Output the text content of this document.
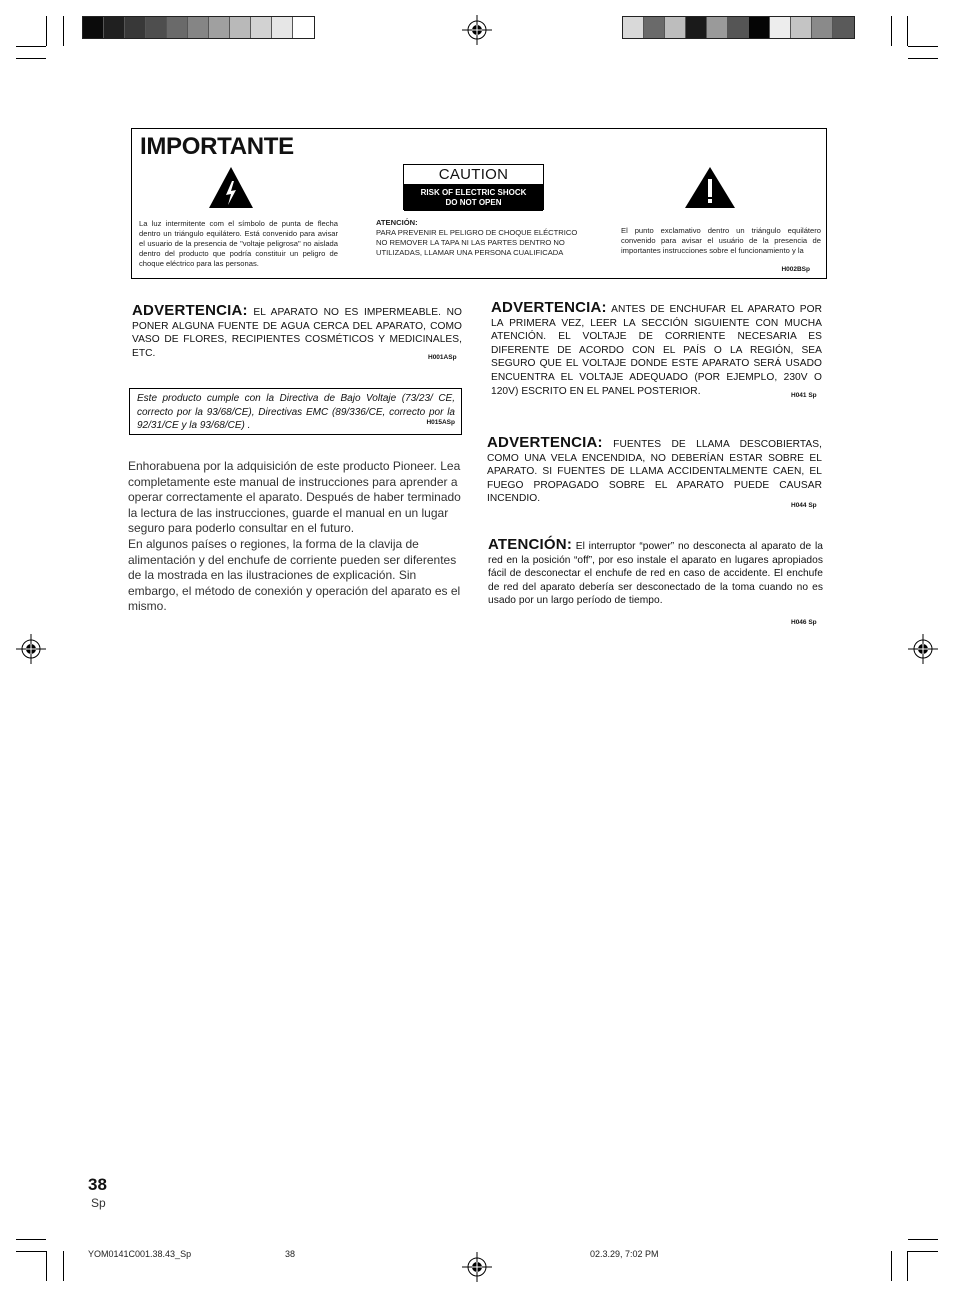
IMPORTANTE
La luz intermitente com el símbolo de punta de flecha dentro un triángulo equilátero. Está convenido para avisar el usuario de la presencia de "voltaje peligrosa" no aislada dentro del producto que podría constituir un peligro de choque eléctrico para las personas.
CAUTION
RISK OF ELECTRIC SHOCK
DO NOT OPEN
ATENCIÓN:
PARA PREVENIR EL PELIGRO DE CHOQUE ELÉCTRICO NO REMOVER LA TAPA NI LAS PARTES DENTRO NO UTILIZADAS, LLAMAR UNA PERSONA CUALIFICADA
El punto exclamativo dentro un triángulo equilátero convenido para avisar el usuário de la presencia de importantes instrucciones sobre el funcionamiento y la
H002BSp
ADVERTENCIA: EL APARATO NO ES IMPERMEABLE. NO PONER ALGUNA FUENTE DE AGUA CERCA DEL APARATO, COMO VASO DE FLORES, RECIPIENTES COSMÉTICOS Y MEDICINALES, ETC.	H001ASp
Este producto cumple con la Directiva de Bajo Voltaje (73/23/ CE, correcto por la 93/68/CE), Directivas EMC (89/336/CE, correcto por la 92/31/CE y la 93/68/CE) .	H015ASp
Enhorabuena por la adquisición de este producto Pioneer. Lea completamente este manual de instrucciones para aprender a operar correctamente el aparato. Después de haber terminado la lectura de las instrucciones, guarde el manual en un lugar seguro para poderlo consultar en el futuro.
En algunos países o regiones, la forma de la clavija de alimentación y del enchufe de corriente pueden ser diferentes de la mostrada en las ilustraciones de explicación. Sin embargo, el método de conexión y operación del aparato es el mismo.
ADVERTENCIA: ANTES DE ENCHUFAR EL APARATO POR LA PRIMERA VEZ, LEER LA SECCIÓN SIGUIENTE CON MUCHA ATENCIÓN. EL VOLTAJE DE CORRIENTE NECESARIA ES DIFERENTE DE ACORDO CON EL PAÍS O LA REGIÓN, SEA SEGURO QUE EL VOLTAJE DONDE ESTE APARATO SERÁ USADO ENCUENTRA EL VOLTAJE ADEQUADO (POR EJEMPLO, 230V O 120V) ESCRITO EN EL PANEL POSTERIOR.	H041 Sp
ADVERTENCIA: FUENTES DE LLAMA DESCOBIERTAS, COMO UNA VELA ENCENDIDA, NO DEBERÍAN ESTAR SOBRE EL APARATO. SI FUENTES DE LLAMA ACCIDENTALMENTE CAEN, EL FUEGO PROPAGADO SOBRE EL APARATO PUEDE CAUSAR INCENDIO.
H044 Sp
ATENCIÓN: El interruptor “power” no desconecta al aparato de la red en la posición “off”, por eso instale el aparato en lugares apropiados fácil de desconectar el enchufe de red en caso de accidente. El enchufe de red del aparato debería ser desconectado de la toma cuando no es usado por un largo período de tiempo.
H046 Sp
38
Sp
YOM0141C001.38.43_Sp	38	02.3.29, 7:02 PM
